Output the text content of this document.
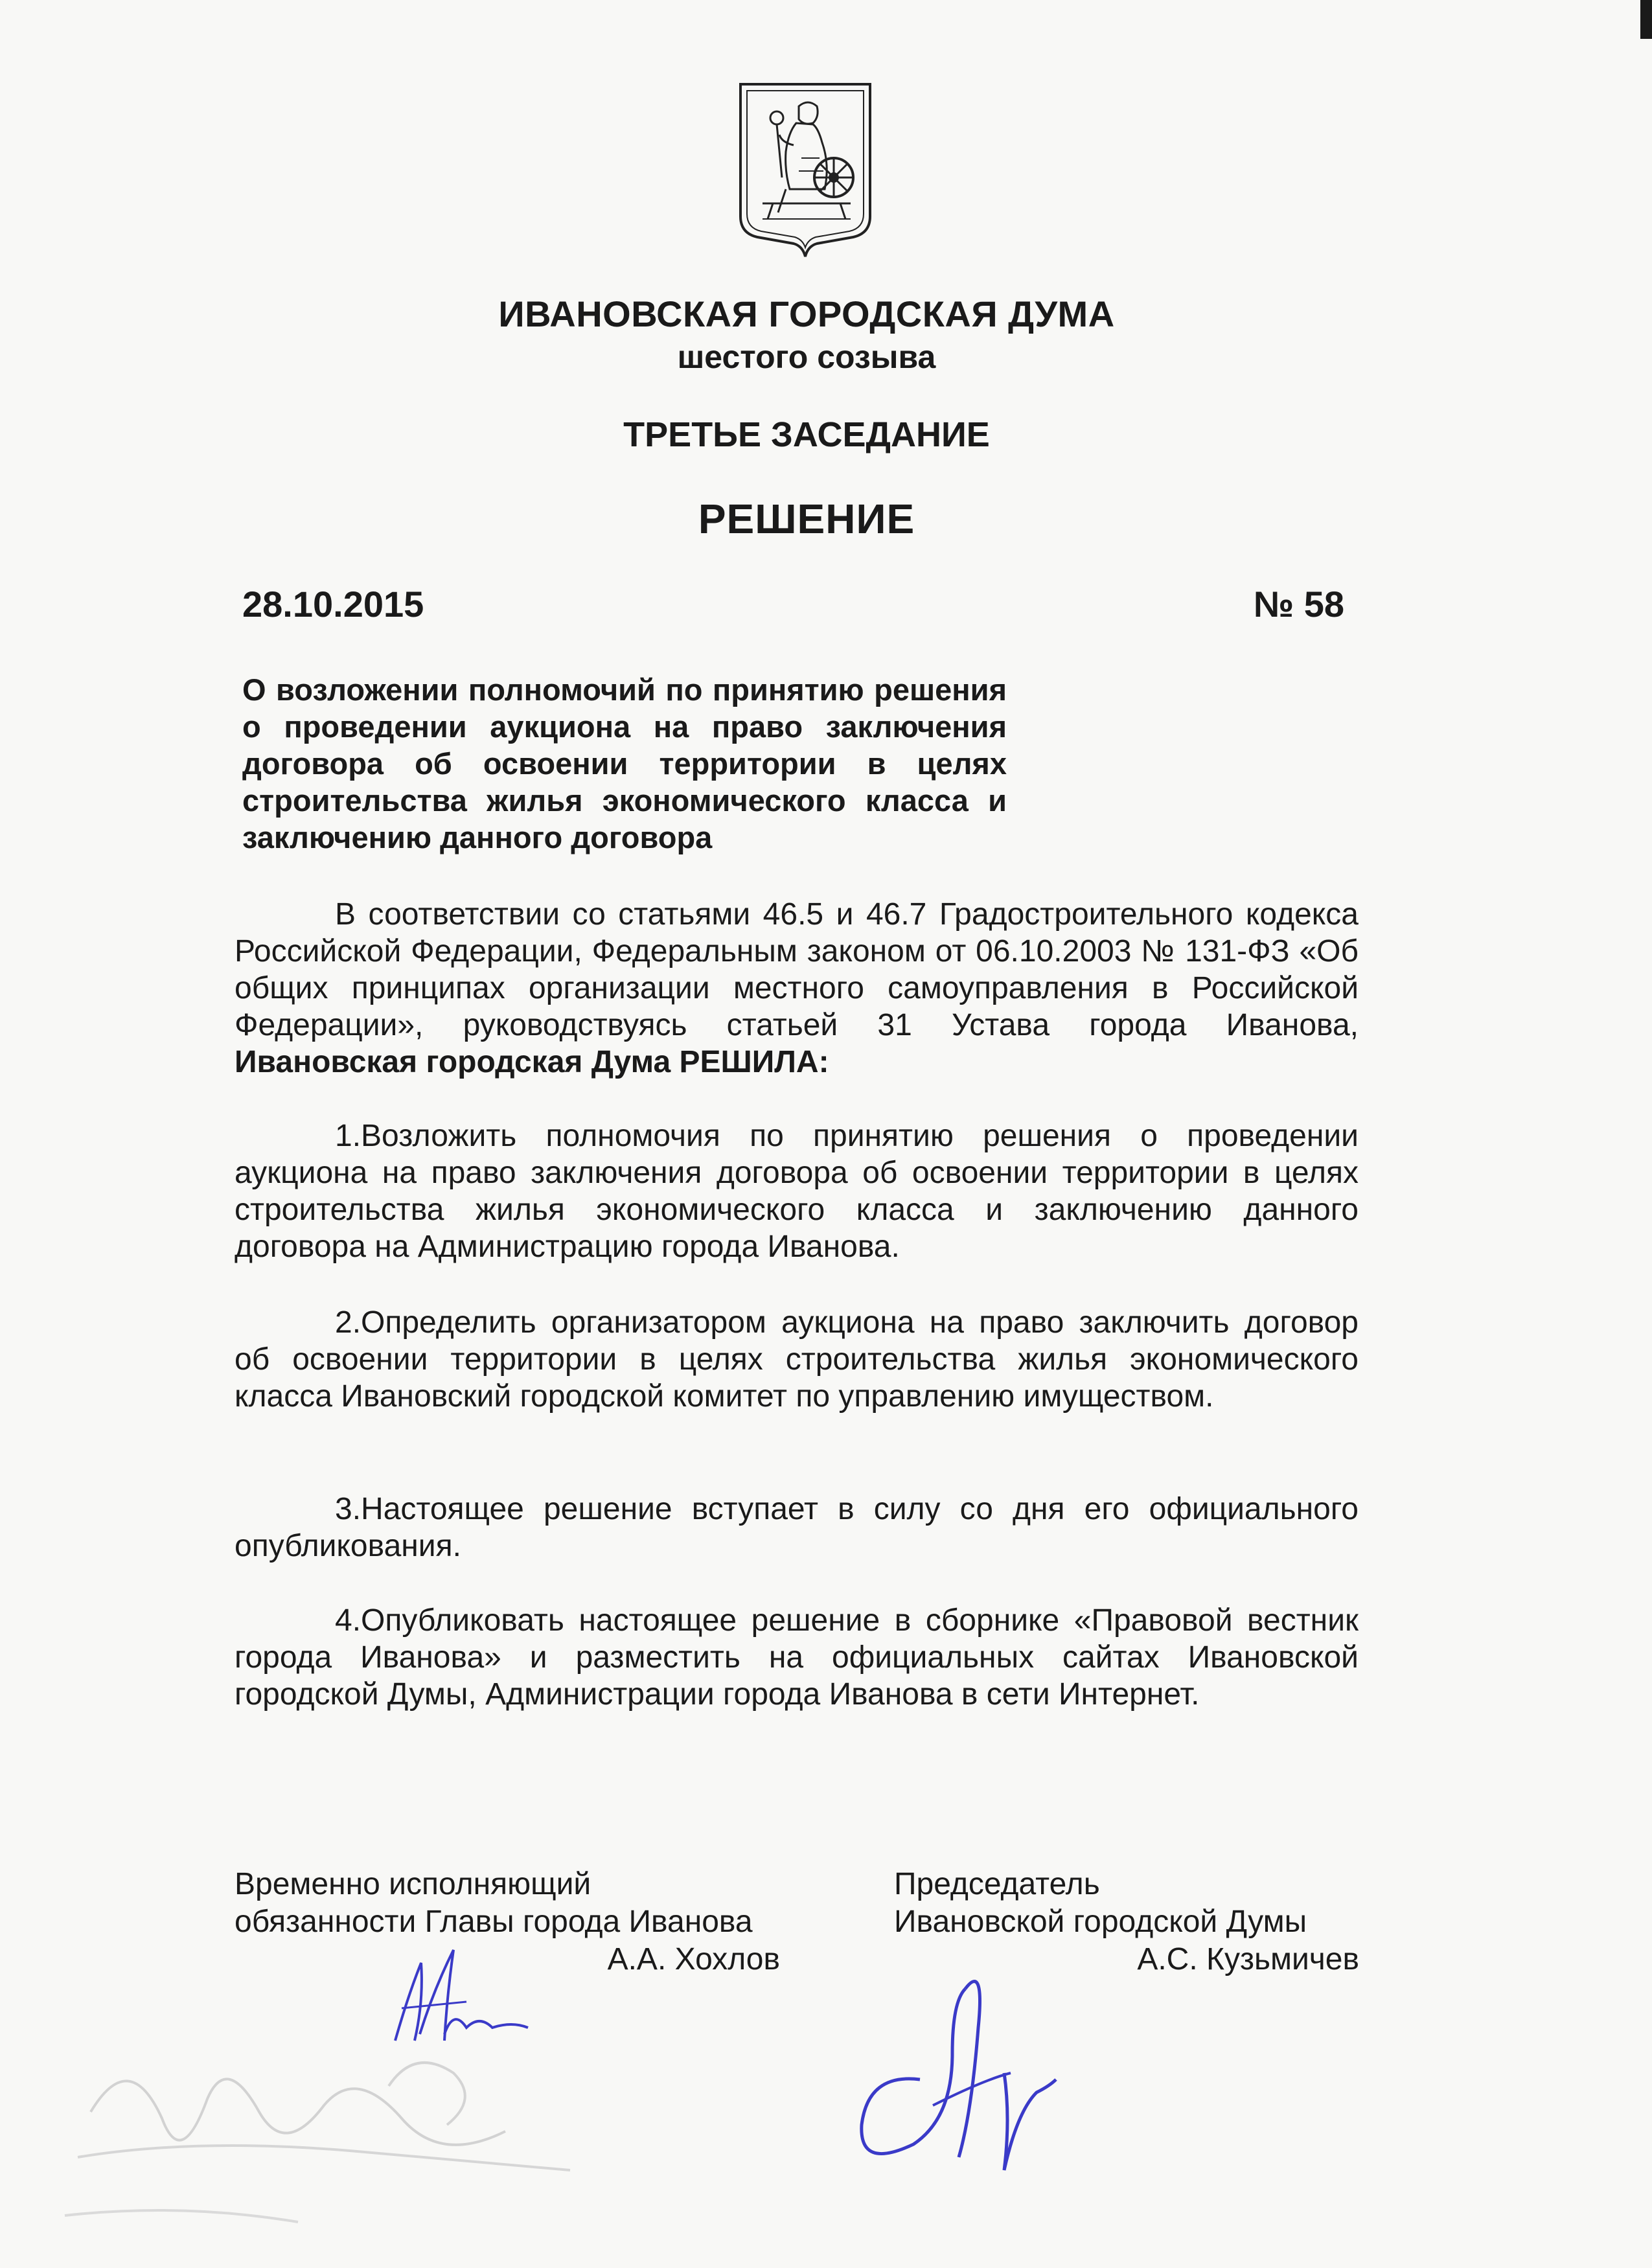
ИВАНОВСКАЯ ГОРОДСКАЯ ДУМА
шестого созыва
ТРЕТЬЕ ЗАСЕДАНИЕ
РЕШЕНИЕ
28.10.2015	№ 58
О возложении полномочий по принятию решения о проведении аукциона на право заключения договора об освоении территории в целях строительства жилья экономического класса и заключению данного договора
В соответствии со статьями 46.5 и 46.7 Градостроительного кодекса Российской Федерации, Федеральным законом от 06.10.2003 № 131-ФЗ «Об общих принципах организации местного самоуправления в Российской Федерации», руководствуясь статьей 31 Устава города Иванова, Ивановская городская Дума РЕШИЛА:
1.Возложить полномочия по принятию решения о проведении аукциона на право заключения договора об освоении территории в целях строительства жилья экономического класса и заключению данного договора на Администрацию города Иванова.
2.Определить организатором аукциона на право заключить договор об освоении территории в целях строительства жилья экономического класса Ивановский городской комитет по управлению имуществом.
3.Настоящее решение вступает в силу со дня его официального опубликования.
4.Опубликовать настоящее решение в сборнике «Правовой вестник города Иванова» и разместить на официальных сайтах Ивановской городской Думы, Администрации города Иванова в сети Интернет.
Временно исполняющий
обязанности Главы города Иванова
А.А. Хохлов
Председатель
Ивановской городской Думы
А.С. Кузьмичев
